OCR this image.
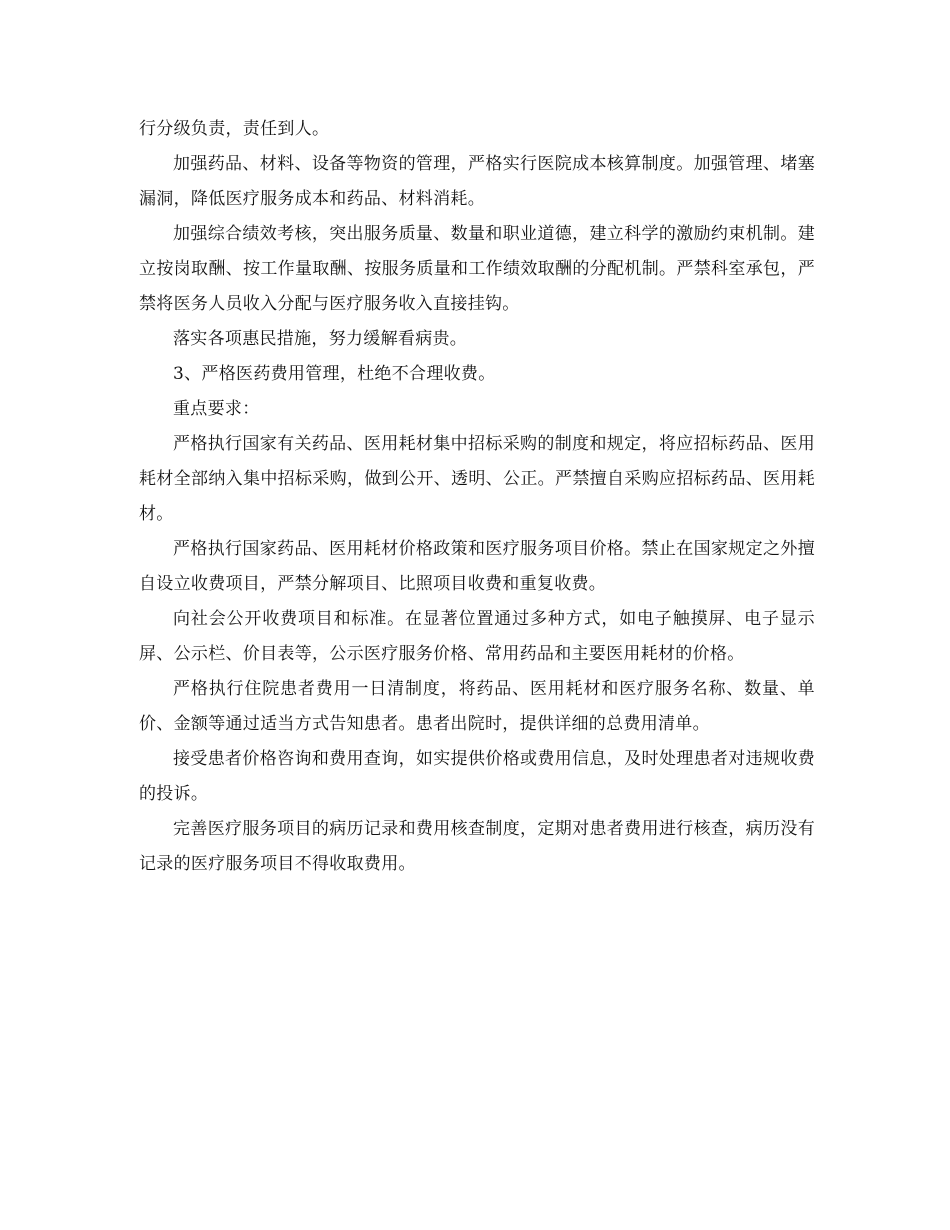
行分级负责，责任到人。

加强药品、材料、设备等物资的管理，严格实行医院成本核算制度。加强管理、堵塞漏洞，降低医疗服务成本和药品、材料消耗。

加强综合绩效考核，突出服务质量、数量和职业道德，建立科学的激励约束机制。建立按岗取酬、按工作量取酬、按服务质量和工作绩效取酬的分配机制。严禁科室承包，严禁将医务人员收入分配与医疗服务收入直接挂钩。

落实各项惠民措施，努力缓解看病贵。

3、严格医药费用管理，杜绝不合理收费。

重点要求：

严格执行国家有关药品、医用耗材集中招标采购的制度和规定，将应招标药品、医用耗材全部纳入集中招标采购，做到公开、透明、公正。严禁擅自采购应招标药品、医用耗材。

严格执行国家药品、医用耗材价格政策和医疗服务项目价格。禁止在国家规定之外擅自设立收费项目，严禁分解项目、比照项目收费和重复收费。

向社会公开收费项目和标准。在显著位置通过多种方式，如电子触摸屏、电子显示屏、公示栏、价目表等，公示医疗服务价格、常用药品和主要医用耗材的价格。

严格执行住院患者费用一日清制度，将药品、医用耗材和医疗服务名称、数量、单价、金额等通过适当方式告知患者。患者出院时，提供详细的总费用清单。

接受患者价格咨询和费用查询，如实提供价格或费用信息，及时处理患者对违规收费的投诉。

完善医疗服务项目的病历记录和费用核查制度，定期对患者费用进行核查，病历没有记录的医疗服务项目不得收取费用。
